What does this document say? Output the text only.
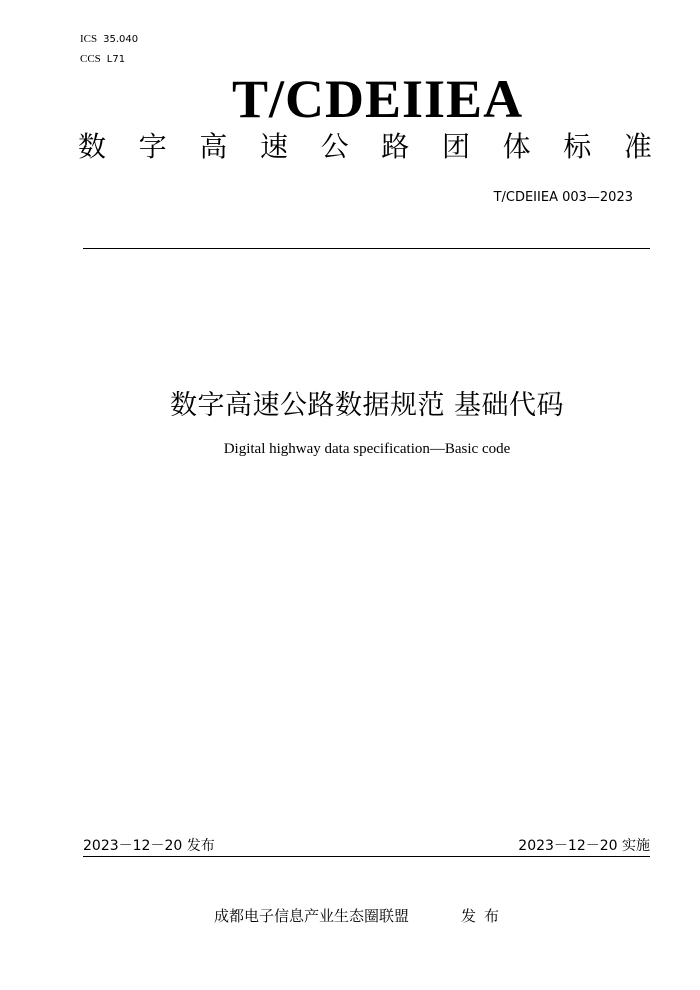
ICS 35.040
CCS L71
T/CDEIIEA
数 字 高 速 公 路 团 体 标 准
T/CDEIIEA 003—2023
数字高速公路数据规范 基础代码
Digital highway data specification—Basic code
2023－12－20 发布	2023－12－20 实施
成都电子信息产业生态圈联盟	发布
